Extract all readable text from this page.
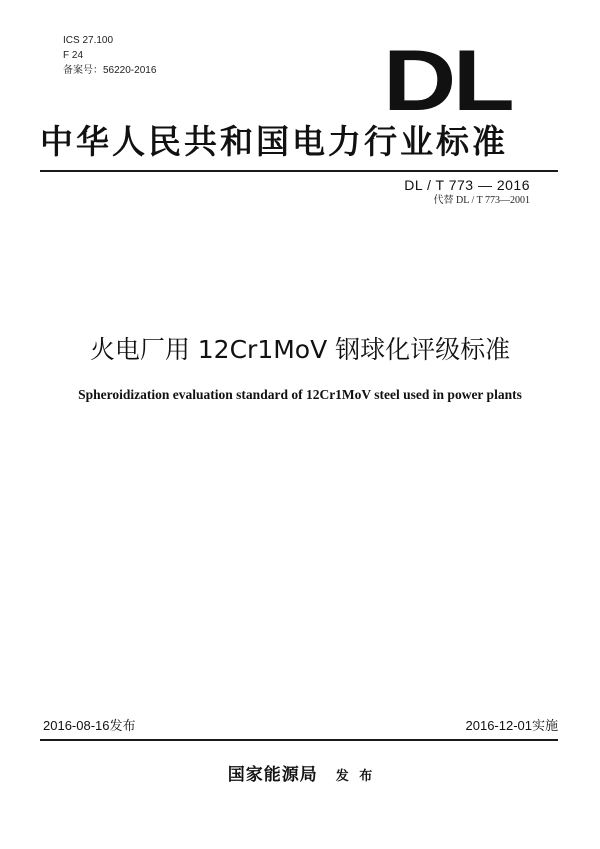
ICS 27.100
F 24
备案号：56220-2016	DL
中华人民共和国电力行业标准
DL / T 773 — 2016
代替 DL / T 773—2001
火电厂用 12Cr1MoV 钢球化评级标准
Spheroidization evaluation standard of 12Cr1MoV steel used in power plants
2016-08-16发布	2016-12-01实施
国家能源局 发 布
